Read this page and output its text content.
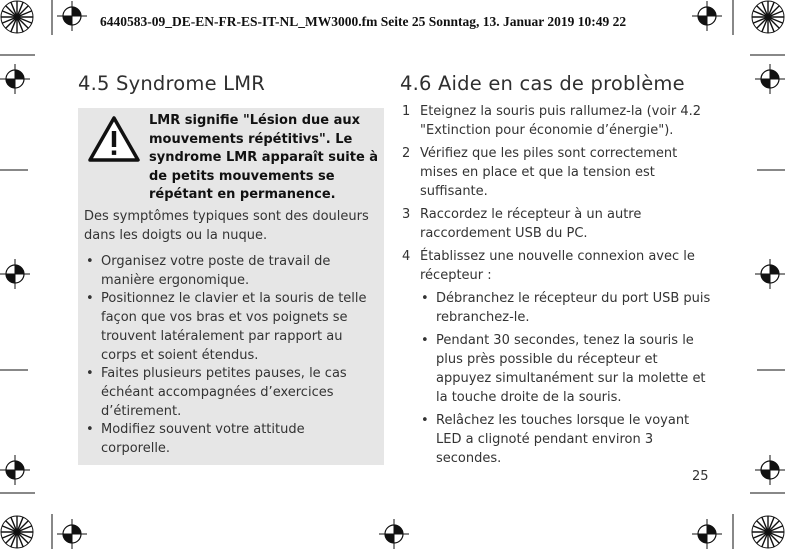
6440583-09_DE-EN-FR-ES-IT-NL_MW3000.fm Seite 25 Sonntag, 13. Januar 2019 10:49 22
4.5 Syndrome LMR
LMR signifie "Lésion due aux mouvements répétitivs". Le syndrome LMR apparaît suite à de petits mouvements se répétant en permanence.
Des symptômes typiques sont des douleurs dans les doigts ou la nuque.
• Organisez votre poste de travail de manière ergonomique.
• Positionnez le clavier et la souris de telle façon que vos bras et vos poignets se trouvent latéralement par rapport au corps et soient étendus.
• Faites plusieurs petites pauses, le cas échéant accompagnées d’exercices d’étirement.
• Modifiez souvent votre attitude corporelle.
4.6 Aide en cas de problème
1 Eteignez la souris puis rallumez-la (voir 4.2 "Extinction pour économie d’énergie").
2 Vérifiez que les piles sont correctement mises en place et que la tension est suffisante.
3 Raccordez le récepteur à un autre raccordement USB du PC.
4 Établissez une nouvelle connexion avec le récepteur :
• Débranchez le récepteur du port USB puis rebranchez-le.
• Pendant 30 secondes, tenez la souris le plus près possible du récepteur et appuyez simultanément sur la molette et la touche droite de la souris.
• Relâchez les touches lorsque le voyant LED a clignoté pendant environ 3 secondes.
25
